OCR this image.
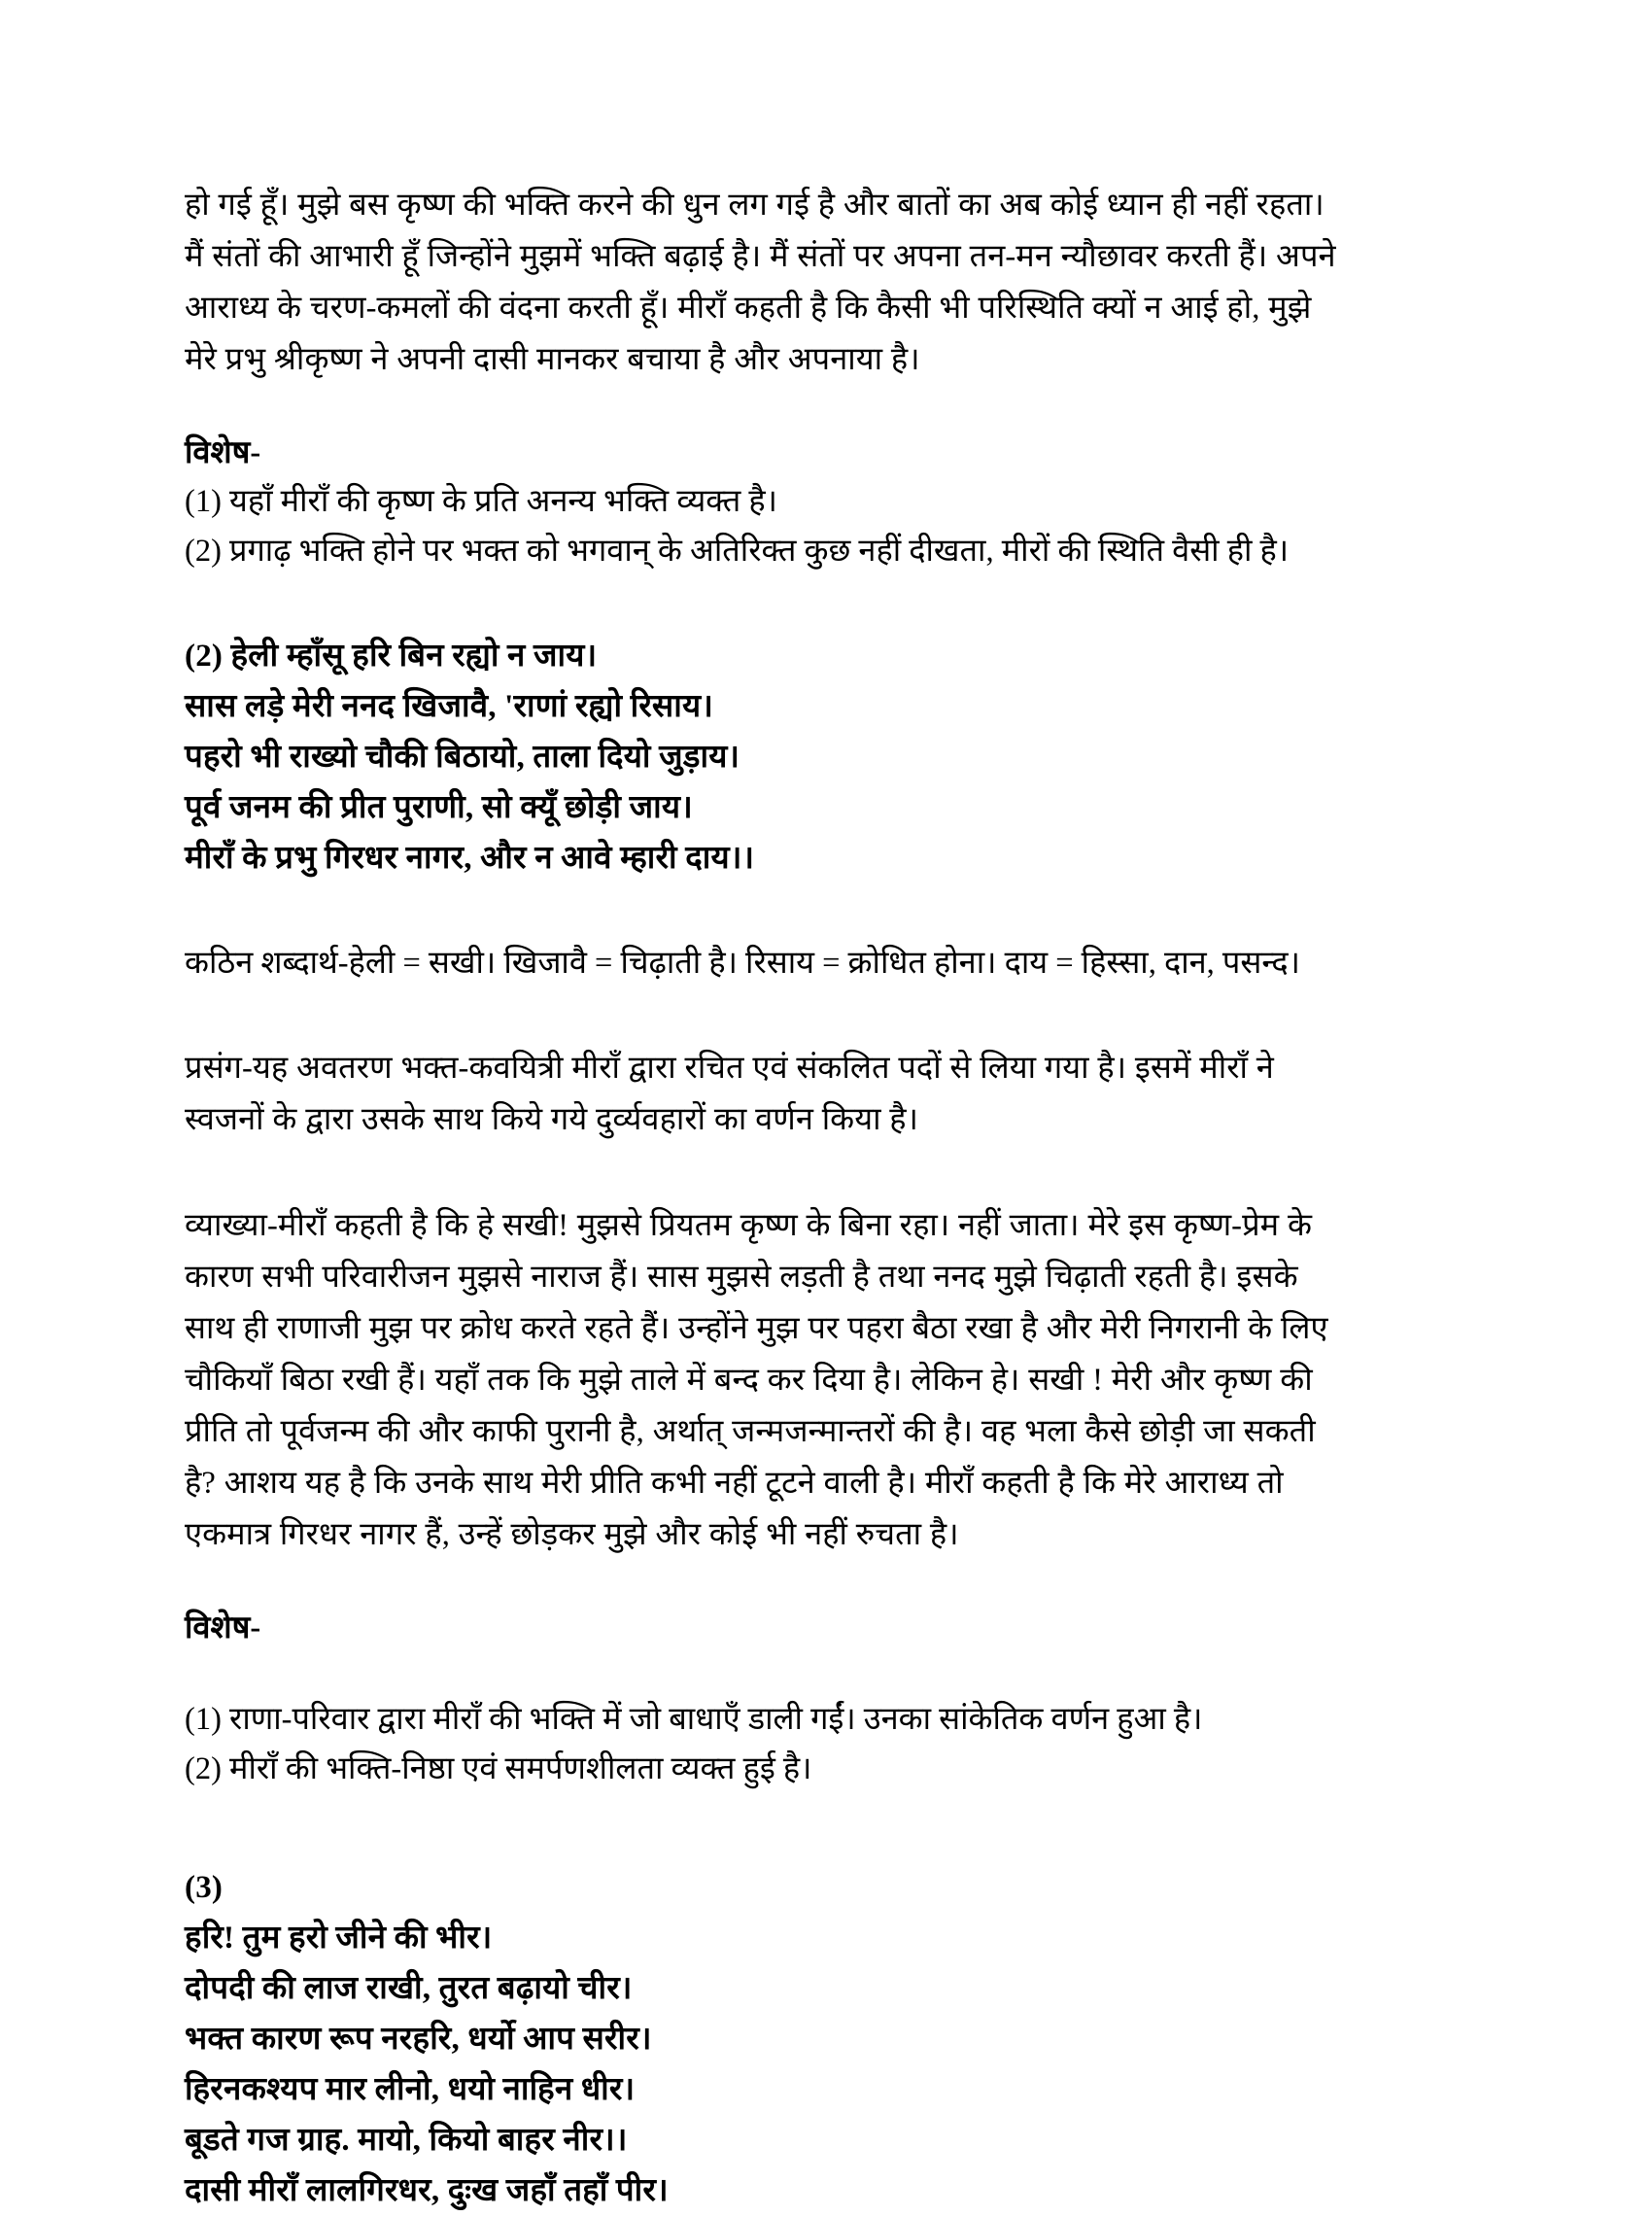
हो गई हूँ। मुझे बस कृष्ण की भक्ति करने की धुन लग गई है और बातों का अब कोई ध्यान ही नहीं रहता।

मैं संतों की आभारी हूँ जिन्होंने मुझमें भक्ति बढ़ाई है। मैं संतों पर अपना तन-मन न्यौछावर करती हैं। अपने

आराध्य के चरण-कमलों की वंदना करती हूँ। मीराँ कहती है कि कैसी भी परिस्थिति क्यों न आई हो, मुझे

मेरे प्रभु श्रीकृष्ण ने अपनी दासी मानकर बचाया है और अपनाया है।

विशेष-

(1) यहाँ मीराँ की कृष्ण के प्रति अनन्य भक्ति व्यक्त है।

(2) प्रगाढ़ भक्ति होने पर भक्त को भगवान् के अतिरिक्त कुछ नहीं दीखता, मीरों की स्थिति वैसी ही है।

(2) हेली म्हाँसू हरि बिन रह्यो न जाय।

सास लड़े मेरी ननद खिजावै, 'राणां रह्यो रिसाय।

पहरो भी राख्यो चौकी बिठायो, ताला दियो जुड़ाय।

पूर्व जनम की प्रीत पुराणी, सो क्यूँ छोड़ी जाय।

मीराँ के प्रभु गिरधर नागर, और न आवे म्हारी दाय।।

कठिन शब्दार्थ-हेली = सखी। खिजावै = चिढ़ाती है। रिसाय = क्रोधित होना। दाय = हिस्सा, दान, पसन्द।

प्रसंग-यह अवतरण भक्त-कवयित्री मीराँ द्वारा रचित एवं संकलित पदों से लिया गया है। इसमें मीराँ ने

स्वजनों के द्वारा उसके साथ किये गये दुर्व्यवहारों का वर्णन किया है।

व्याख्या-मीराँ कहती है कि हे सखी! मुझसे प्रियतम कृष्ण के बिना रहा। नहीं जाता। मेरे इस कृष्ण-प्रेम के

कारण सभी परिवारीजन मुझसे नाराज हैं। सास मुझसे लड़ती है तथा ननद मुझे चिढ़ाती रहती है। इसके

साथ ही राणाजी मुझ पर क्रोध करते रहते हैं। उन्होंने मुझ पर पहरा बैठा रखा है और मेरी निगरानी के लिए

चौकियाँ बिठा रखी हैं। यहाँ तक कि मुझे ताले में बन्द कर दिया है। लेकिन हे। सखी ! मेरी और कृष्ण की

प्रीति तो पूर्वजन्म की और काफी पुरानी है, अर्थात् जन्मजन्मान्तरों की है। वह भला कैसे छोड़ी जा सकती

है? आशय यह है कि उनके साथ मेरी प्रीति कभी नहीं टूटने वाली है। मीराँ कहती है कि मेरे आराध्य तो

एकमात्र गिरधर नागर हैं, उन्हें छोड़कर मुझे और कोई भी नहीं रुचता है।

विशेष-

(1) राणा-परिवार द्वारा मीराँ की भक्ति में जो बाधाएँ डाली गईं। उनका सांकेतिक वर्णन हुआ है।

(2) मीराँ की भक्ति-निष्ठा एवं समर्पणशीलता व्यक्त हुई है।

(3)

हरि! तुम हरो जीने की भीर।

दोपदी की लाज राखी, तुरत बढ़ायो चीर।

भक्त कारण रूप नरहरि, धर्यो आप सरीर।

हिरनकश्यप मार लीनो, धयो नाहिन धीर।

बूडते गज ग्राह. मायो, कियो बाहर नीर।।

दासी मीराँ लालगिरधर, दुःख जहाँ तहाँ पीर।
